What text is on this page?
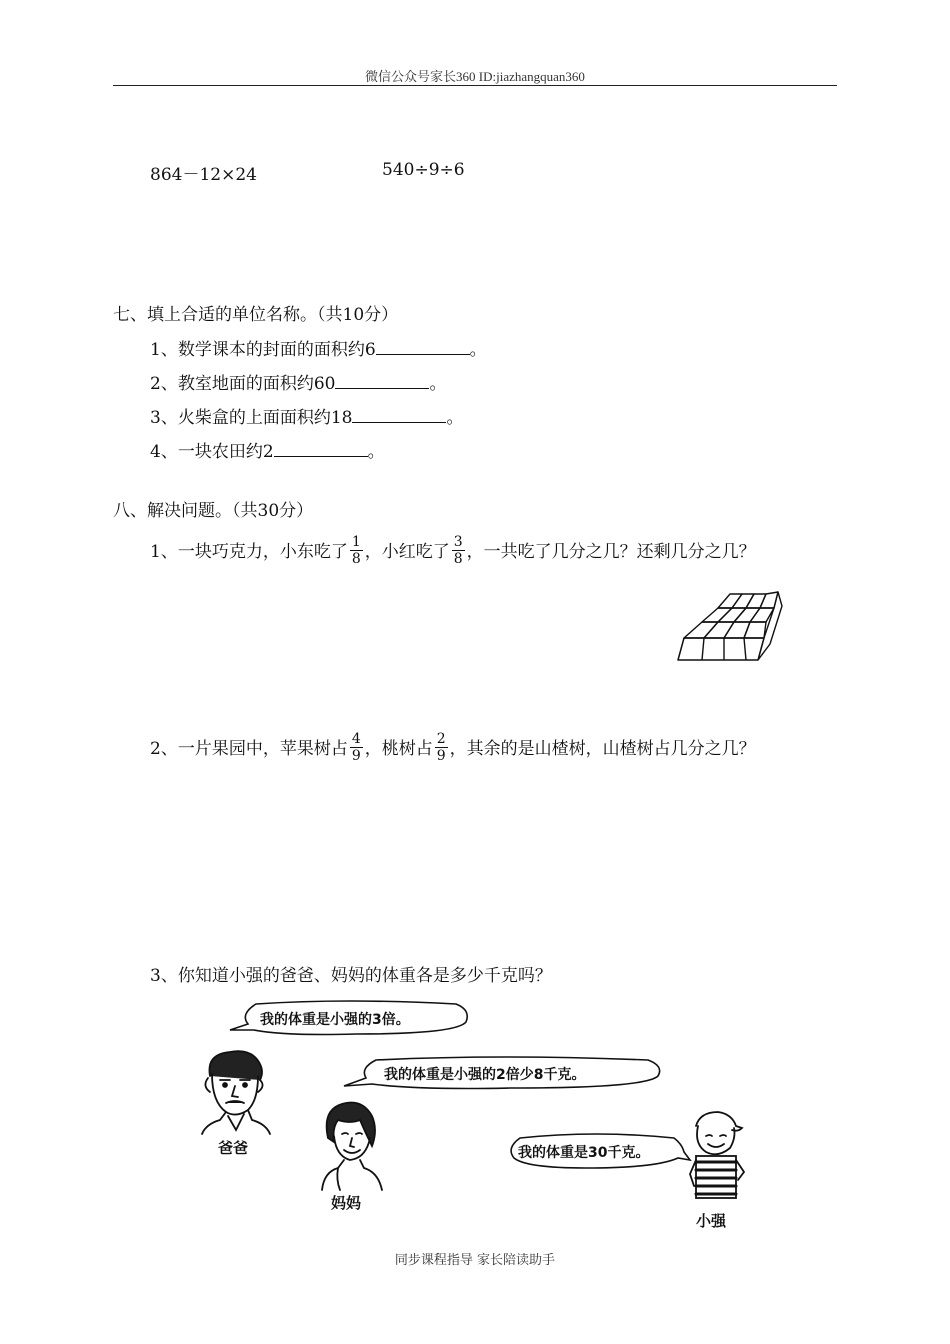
微信公众号家长360 ID:jiazhangquan360
864－12×24	540÷9÷6
七、填上合适的单位名称。（共10分）
1、数学课本的封面的面积约6	。
2、教室地面的面积约60	。
3、火柴盒的上面面积约18	。
4、一块农田约2	。
八、解决问题。（共30分）
1、一块巧克力，小东吃了 $\frac{1}{8}$ ，小红吃了 $\frac{3}{8}$ ，一共吃了几分之几？还剩几分之几？
2、一片果园中，苹果树占 $\frac{4}{9}$ ，桃树占 $\frac{2}{9}$ ，其余的是山楂树，山楂树占几分之几？
3、你知道小强的爸爸、妈妈的体重各是多少千克吗？
我的体重是小强的3倍。
我的体重是小强的2倍少8千克。
我的体重是30千克。
爸爸
妈妈
小强
同步课程指导 家长陪读助手
